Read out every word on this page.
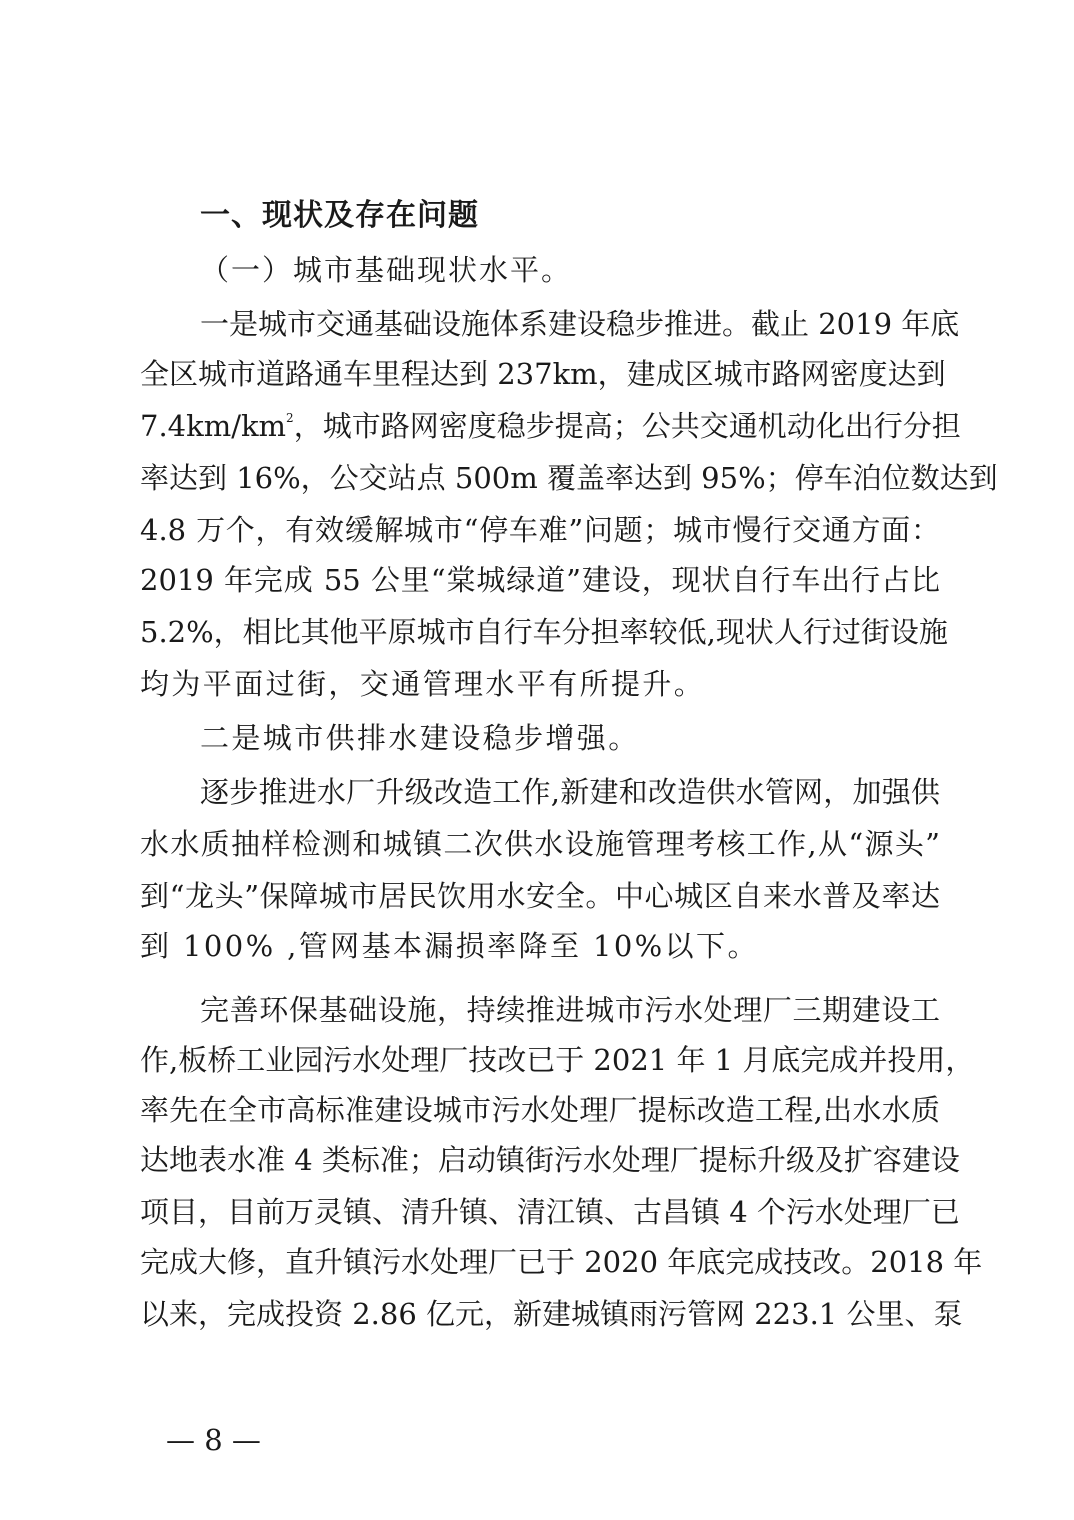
一、现状及存在问题
（一）城市基础现状水平。
一是城市交通基础设施体系建设稳步推进。截止 2019 年底
全区城市道路通车里程达到 237km，建成区城市路网密度达到
$7.4km/km^2$，城市路网密度稳步提高；公共交通机动化出行分担
率达到 16%，公交站点 500m 覆盖率达到 95%；停车泊位数达到
4.8 万个，有效缓解城市“停车难”问题；城市慢行交通方面：
2019 年完成 55 公里“棠城绿道”建设，现状自行车出行占比
5.2%，相比其他平原城市自行车分担率较低,现状人行过街设施
均为平面过街，交通管理水平有所提升。
二是城市供排水建设稳步增强。
逐步推进水厂升级改造工作,新建和改造供水管网，加强供
水水质抽样检测和城镇二次供水设施管理考核工作,从“源头”
到“龙头”保障城市居民饮用水安全。中心城区自来水普及率达
到 100% ,管网基本漏损率降至 10%以下。
完善环保基础设施，持续推进城市污水处理厂三期建设工
作,板桥工业园污水处理厂技改已于 2021 年 1 月底完成并投用，
率先在全市高标准建设城市污水处理厂提标改造工程,出水水质
达地表水准 4 类标准；启动镇街污水处理厂提标升级及扩容建设
项目，目前万灵镇、清升镇、清江镇、古昌镇 4 个污水处理厂已
完成大修，直升镇污水处理厂已于 2020 年底完成技改。2018 年
以来，完成投资 2.86 亿元，新建城镇雨污管网 223.1 公里、泵
— 8 —
